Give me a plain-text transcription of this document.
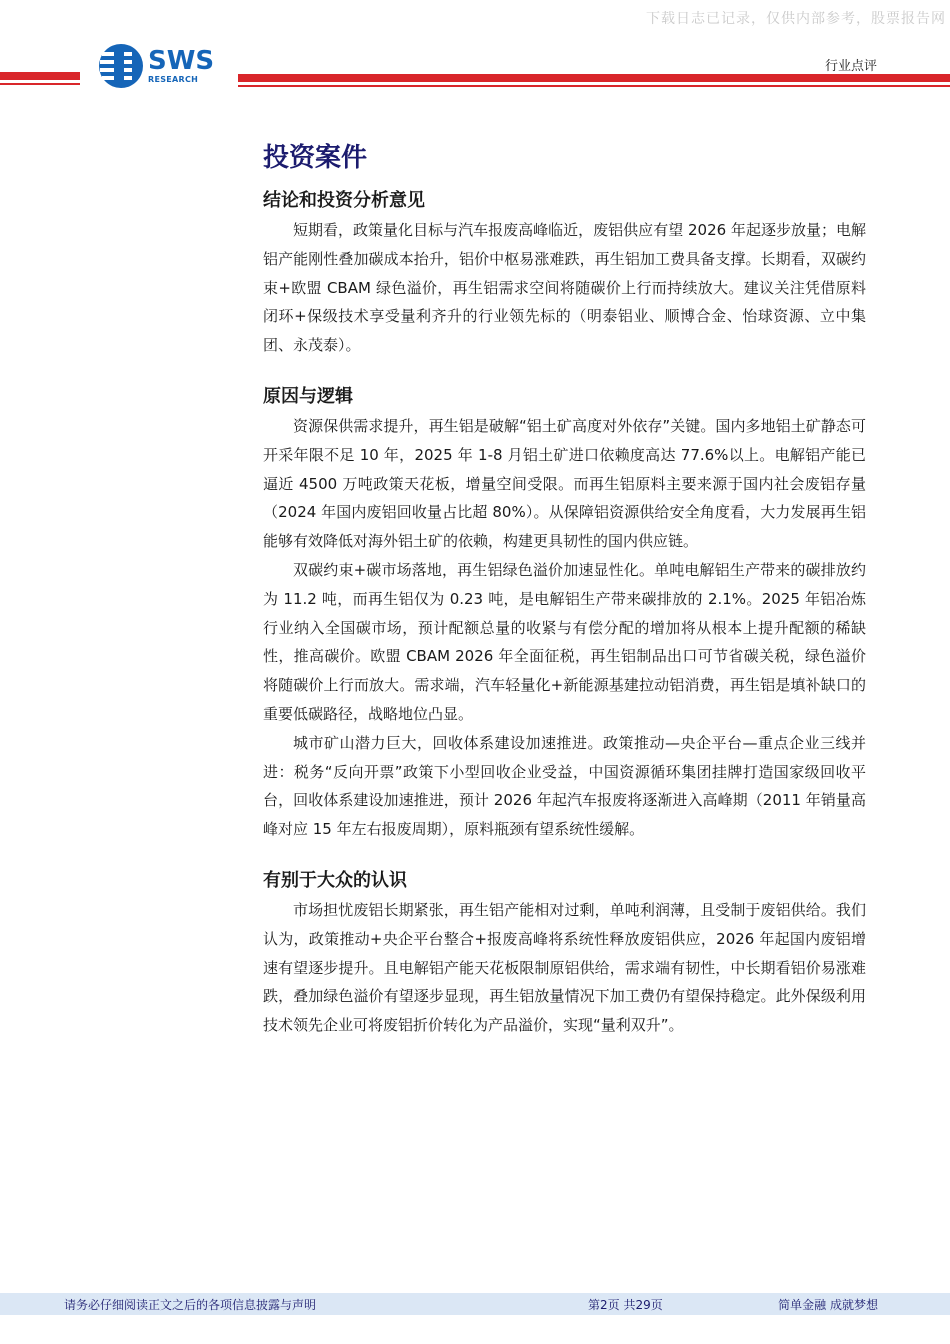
下载日志已记录，仅供内部参考，股票报告网
SWS
RESEARCH
行业点评
投资案件
结论和投资分析意见

短期看，政策量化目标与汽车报废高峰临近，废铝供应有望 2026 年起逐步放量；电解铝产能刚性叠加碳成本抬升，铝价中枢易涨难跌，再生铝加工费具备支撑。长期看，双碳约束+欧盟 CBAM 绿色溢价，再生铝需求空间将随碳价上行而持续放大。建议关注凭借原料闭环+保级技术享受量利齐升的行业领先标的（明泰铝业、顺博合金、怡球资源、立中集团、永茂泰）。

原因与逻辑

资源保供需求提升，再生铝是破解“铝土矿高度对外依存”关键。国内多地铝土矿静态可开采年限不足 10 年，2025 年 1-8 月铝土矿进口依赖度高达 77.6%以上。电解铝产能已逼近 4500 万吨政策天花板，增量空间受限。而再生铝原料主要来源于国内社会废铝存量（2024 年国内废铝回收量占比超 80%）。从保障铝资源供给安全角度看，大力发展再生铝能够有效降低对海外铝土矿的依赖，构建更具韧性的国内供应链。

双碳约束+碳市场落地，再生铝绿色溢价加速显性化。单吨电解铝生产带来的碳排放约为 11.2 吨，而再生铝仅为 0.23 吨，是电解铝生产带来碳排放的 2.1%。2025 年铝冶炼行业纳入全国碳市场，预计配额总量的收紧与有偿分配的增加将从根本上提升配额的稀缺性，推高碳价。欧盟 CBAM 2026 年全面征税，再生铝制品出口可节省碳关税，绿色溢价将随碳价上行而放大。需求端，汽车轻量化+新能源基建拉动铝消费，再生铝是填补缺口的重要低碳路径，战略地位凸显。

城市矿山潜力巨大，回收体系建设加速推进。政策推动—央企平台—重点企业三线并进：税务“反向开票”政策下小型回收企业受益，中国资源循环集团挂牌打造国家级回收平台，回收体系建设加速推进，预计 2026 年起汽车报废将逐渐进入高峰期（2011 年销量高峰对应 15 年左右报废周期），原料瓶颈有望系统性缓解。

有别于大众的认识

市场担忧废铝长期紧张，再生铝产能相对过剩，单吨利润薄，且受制于废铝供给。我们认为，政策推动+央企平台整合+报废高峰将系统性释放废铝供应，2026 年起国内废铝增速有望逐步提升。且电解铝产能天花板限制原铝供给，需求端有韧性，中长期看铝价易涨难跌，叠加绿色溢价有望逐步显现，再生铝放量情况下加工费仍有望保持稳定。此外保级利用技术领先企业可将废铝折价转化为产品溢价，实现“量利双升”。

请务必仔细阅读正文之后的各项信息披露与声明	第2页 共29页	简单金融 成就梦想
